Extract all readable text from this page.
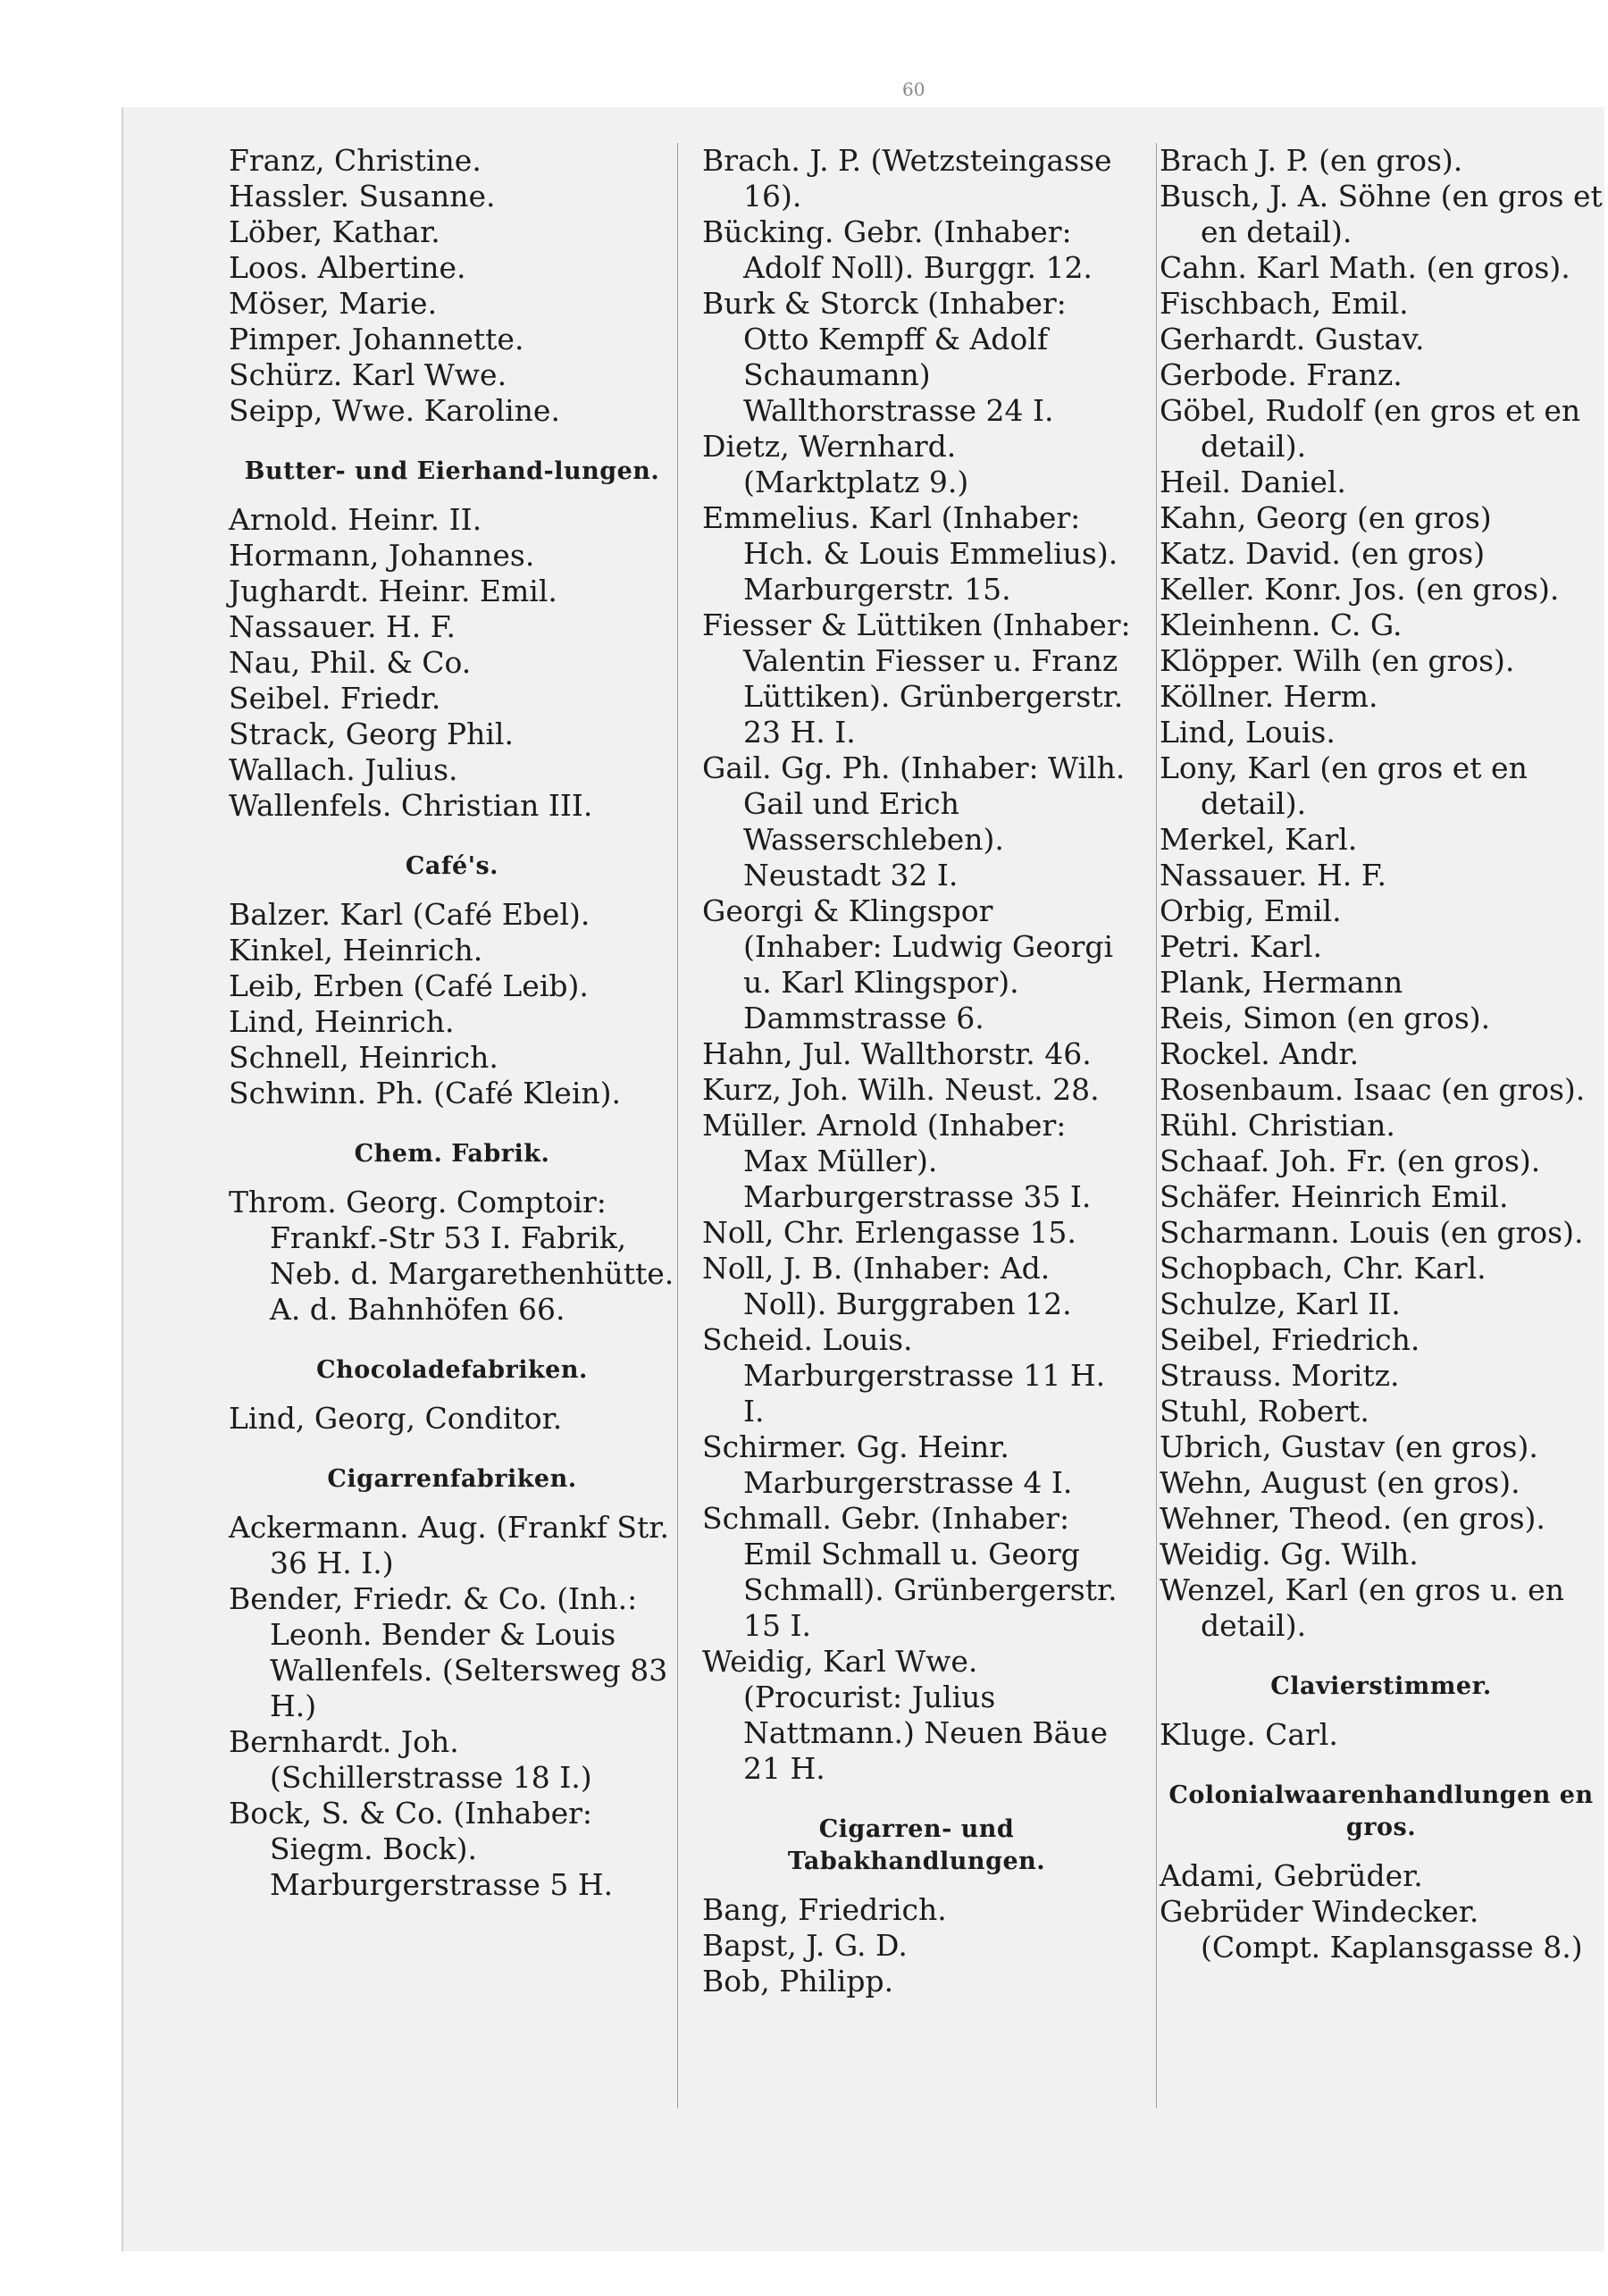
60
Franz, Christine.
Hassler. Susanne.
Löber, Kathar.
Loos. Albertine.
Möser, Marie.
Pimper. Johannette.
Schürz. Karl Wwe.
Seipp, Wwe. Karoline.
Butter- und Eierhand-lungen.
Arnold. Heinr. II.
Hormann, Johannes.
Jughardt. Heinr. Emil.
Nassauer. H. F.
Nau, Phil. & Co.
Seibel. Friedr.
Strack, Georg Phil.
Wallach. Julius.
Wallenfels. Christian III.
Café's.
Balzer. Karl (Café Ebel).
Kinkel, Heinrich.
Leib, Erben (Café Leib).
Lind, Heinrich.
Schnell, Heinrich.
Schwinn. Ph. (Café Klein).
Chem. Fabrik.
Throm. Georg. Comptoir: Frankf.-Str 53 I. Fabrik, Neb. d. Margarethenhütte. A. d. Bahnhöfen 66.
Chocoladefabriken.
Lind, Georg, Conditor.
Cigarrenfabriken.
Ackermann. Aug. (Frankf Str. 36 H. I.)
Bender, Friedr. & Co. (Inh.: Leonh. Bender & Louis Wallenfels. (Seltersweg 83 H.)
Bernhardt. Joh. (Schillerstrasse 18 I.)
Bock, S. & Co. (Inhaber: Siegm. Bock). Marburgerstrasse 5 H.
Brach. J. P. (Wetzsteingasse 16).
Bücking. Gebr. (Inhaber: Adolf Noll). Burggr. 12.
Burk & Storck (Inhaber: Otto Kempff & Adolf Schaumann) Wallthorstrasse 24 I.
Dietz, Wernhard. (Marktplatz 9.)
Emmelius. Karl (Inhaber: Hch. & Louis Emmelius). Marburgerstr. 15.
Fiesser & Lüttiken (Inhaber: Valentin Fiesser u. Franz Lüttiken). Grünbergerstr. 23 H. I.
Gail. Gg. Ph. (Inhaber: Wilh. Gail und Erich Wasserschleben). Neustadt 32 I.
Georgi & Klingspor (Inhaber: Ludwig Georgi u. Karl Klingspor). Dammstrasse 6.
Hahn, Jul. Wallthorstr. 46.
Kurz, Joh. Wilh. Neust. 28.
Müller. Arnold (Inhaber: Max Müller). Marburgerstrasse 35 I.
Noll, Chr. Erlengasse 15.
Noll, J. B. (Inhaber: Ad. Noll). Burggraben 12.
Scheid. Louis. Marburgerstrasse 11 H. I.
Schirmer. Gg. Heinr. Marburgerstrasse 4 I.
Schmall. Gebr. (Inhaber: Emil Schmall u. Georg Schmall). Grünbergerstr. 15 I.
Weidig, Karl Wwe. (Procurist: Julius Nattmann.) Neuen Bäue 21 H.
Cigarren- und Tabakhandlungen.
Bang, Friedrich.
Bapst, J. G. D.
Bob, Philipp.
Brach J. P. (en gros).
Busch, J. A. Söhne (en gros et en detail).
Cahn. Karl Math. (en gros).
Fischbach, Emil.
Gerhardt. Gustav.
Gerbode. Franz.
Göbel, Rudolf (en gros et en detail).
Heil. Daniel.
Kahn, Georg (en gros)
Katz. David. (en gros)
Keller. Konr. Jos. (en gros).
Kleinhenn. C. G.
Klöpper. Wilh (en gros).
Köllner. Herm.
Lind, Louis.
Lony, Karl (en gros et en detail).
Merkel, Karl.
Nassauer. H. F.
Orbig, Emil.
Petri. Karl.
Plank, Hermann
Reis, Simon (en gros).
Rockel. Andr.
Rosenbaum. Isaac (en gros).
Rühl. Christian.
Schaaf. Joh. Fr. (en gros).
Schäfer. Heinrich Emil.
Scharmann. Louis (en gros).
Schopbach, Chr. Karl.
Schulze, Karl II.
Seibel, Friedrich.
Strauss. Moritz.
Stuhl, Robert.
Ubrich, Gustav (en gros).
Wehn, August (en gros).
Wehner, Theod. (en gros).
Weidig. Gg. Wilh.
Wenzel, Karl (en gros u. en detail).
Clavierstimmer.
Kluge. Carl.
Colonialwaarenhandlungen en gros.
Adami, Gebrüder.
Gebrüder Windecker. (Compt. Kaplansgasse 8.)
